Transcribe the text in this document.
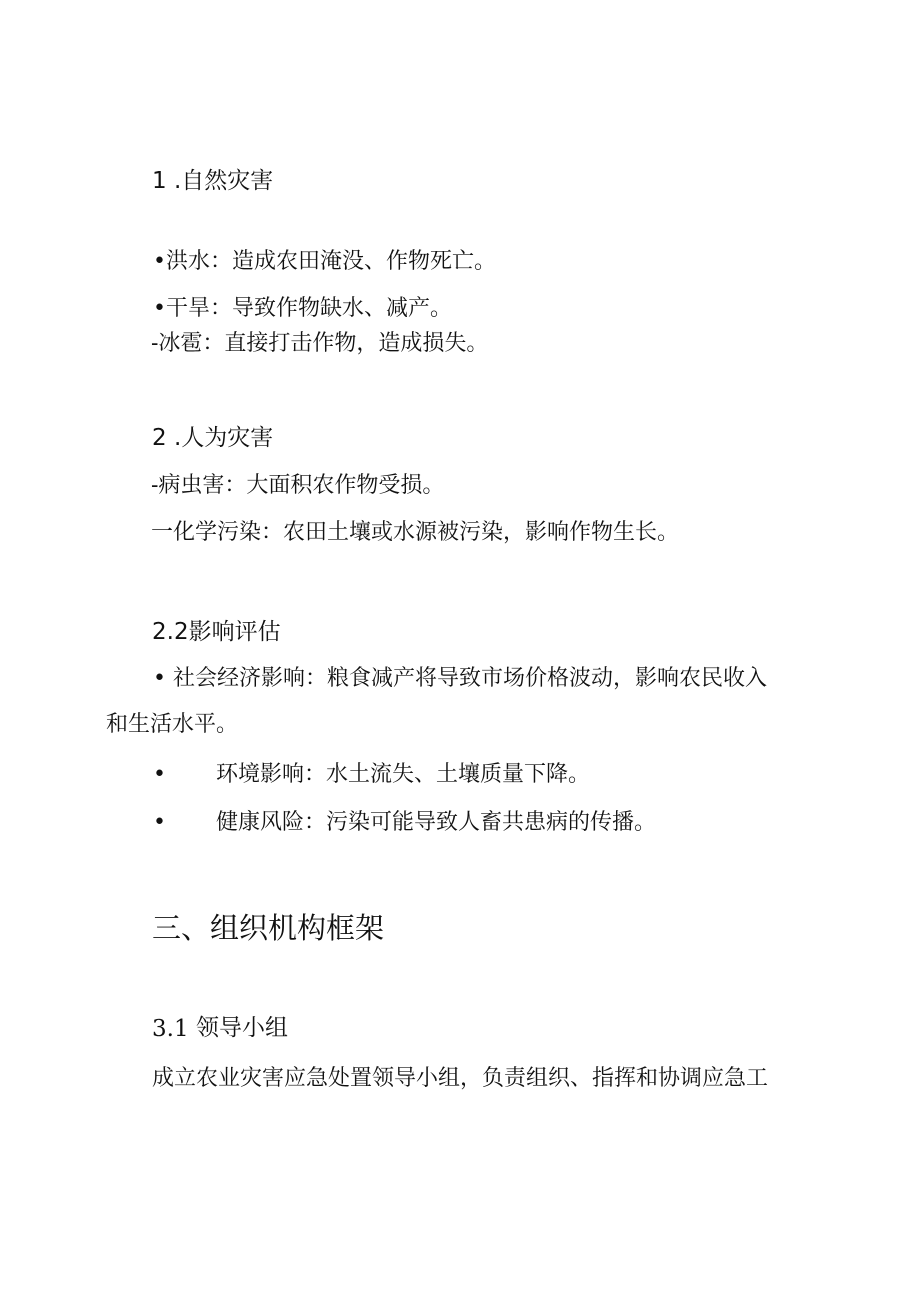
1 .自然灾害
•洪水：造成农田淹没、作物死亡。
•干旱：导致作物缺水、减产。
-冰雹：直接打击作物，造成损失。
2 .人为灾害
-病虫害：大面积农作物受损。
一化学污染：农田土壤或水源被污染，影响作物生长。
2.2影响评估
• 社会经济影响：粮食减产将导致市场价格波动，影响农民收入
和生活水平。
• 环境影响：水土流失、土壤质量下降。
• 健康风险：污染可能导致人畜共患病的传播。
三、组织机构框架
3.1 领导小组
成立农业灾害应急处置领导小组，负责组织、指挥和协调应急工
